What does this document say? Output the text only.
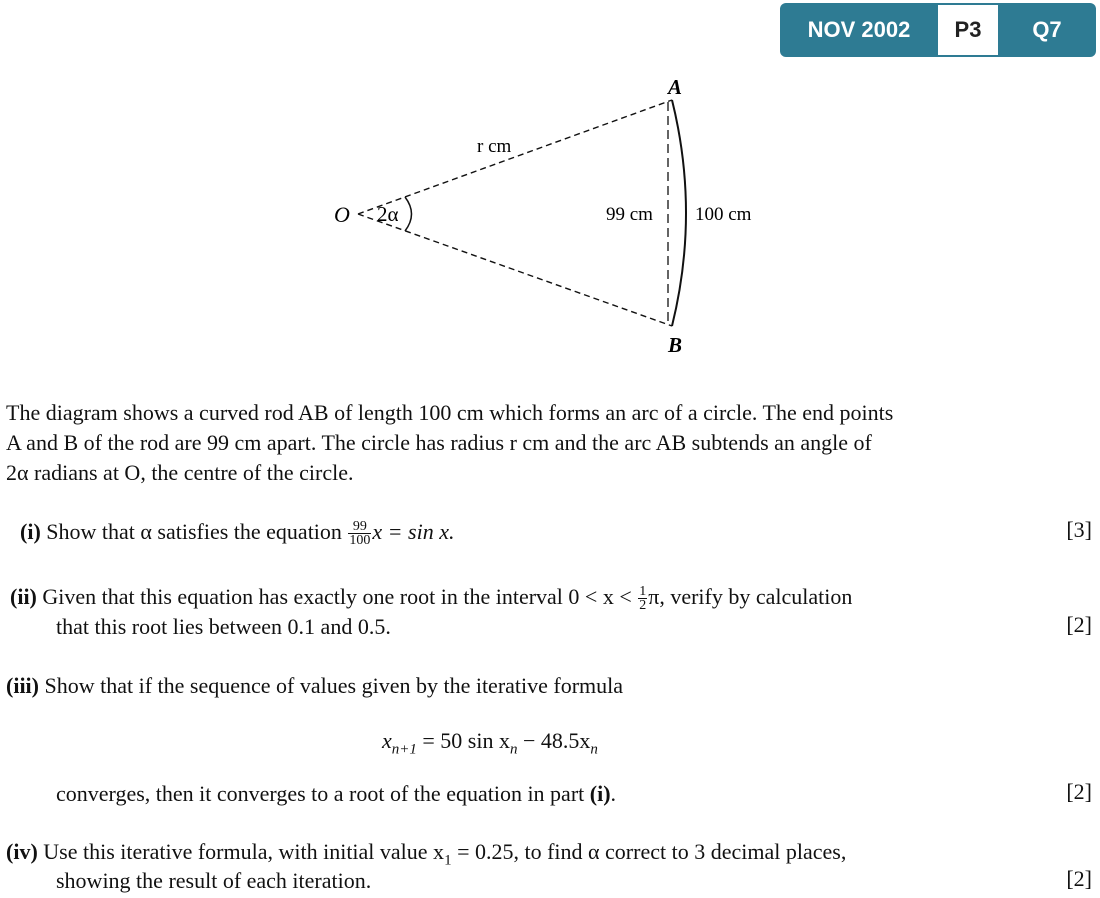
NOV 2002	P3	Q7
O 2α
A
B
r cm
99 cm 100 cm
The diagram shows a curved rod AB of length 100 cm which forms an arc of a circle. The end points
A and B of the rod are 99 cm apart. The circle has radius r cm and the arc AB subtends an angle of
2α radians at O, the centre of the circle.
(i) Show that α satisfies the equation $\frac{99}{100}$ x = sin x.	[3]
(ii) Given that this equation has exactly one root in the interval $0 < x < \frac{1}{2} \pi$, verify by calculation
that this root lies between 0.1 and 0.5.	[2]
(iii) Show that if the sequence of values given by the iterative formula
$x_{n+1} = 50$ $\sin x_n - 48.5x_n$
converges, then it converges to a root of the equation in part (i).	[2]
(iv) Use this iterative formula, with initial value $x_1 = 0.25$, to find α correct to 3 decimal places,
showing the result of each iteration.	[2]
